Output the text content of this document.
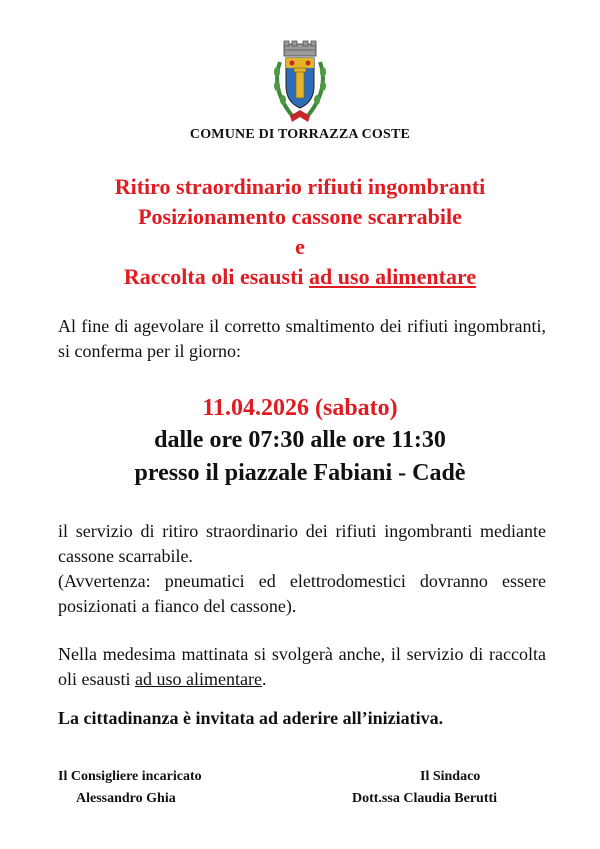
COMUNE DI TORRAZZA COSTE
Ritiro straordinario rifiuti ingombranti
Posizionamento cassone scarrabile
e
Raccolta oli esausti ad uso alimentare
Al fine di agevolare il corretto smaltimento dei rifiuti ingombranti, si conferma per il giorno:
11.04.2026 (sabato)
dalle ore 07:30 alle ore 11:30
presso il piazzale Fabiani - Cadè
il servizio di ritiro straordinario dei rifiuti ingombranti mediante cassone scarrabile.
(Avvertenza: pneumatici ed elettrodomestici dovranno essere posizionati a fianco del cassone).
Nella medesima mattinata si svolgerà anche, il servizio di raccolta oli esausti ad uso alimentare.
La cittadinanza è invitata ad aderire all’iniziativa.
Il Consigliere incaricato
Alessandro Ghia
Il Sindaco
Dott.ssa Claudia Berutti
